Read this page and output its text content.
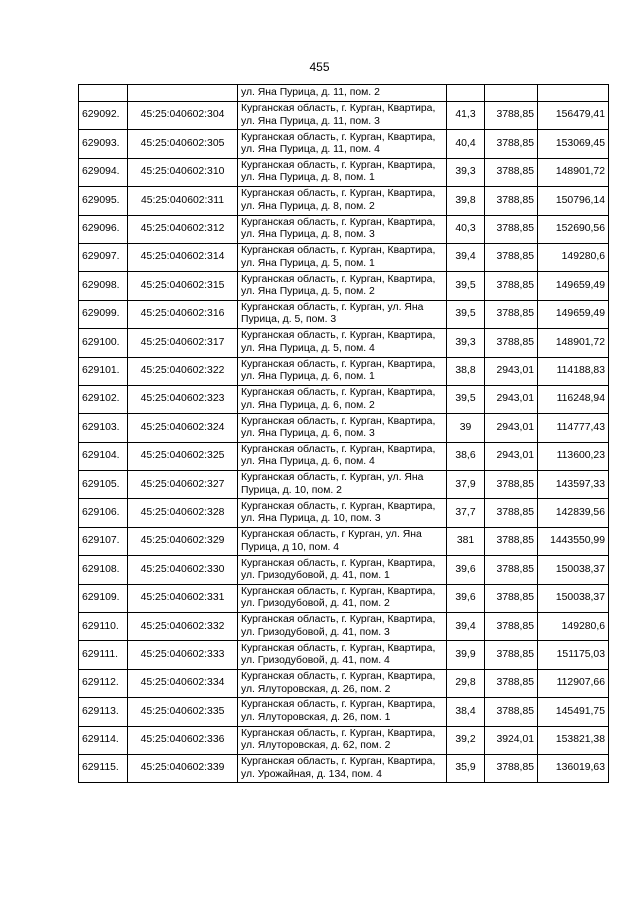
455
		ул. Яна Пурица, д. 11, пом. 2			
629092.	45:25:040602:304	Курганская область, г. Курган, Квартира, ул. Яна Пурица, д. 11, пом. 3	41,3	3788,85	156479,41
629093.	45:25:040602:305	Курганская область, г. Курган, Квартира, ул. Яна Пурица, д. 11, пом. 4	40,4	3788,85	153069,45
629094.	45:25:040602:310	Курганская область, г. Курган, Квартира, ул. Яна Пурица, д. 8, пом. 1	39,3	3788,85	148901,72
629095.	45:25:040602:311	Курганская область, г. Курган, Квартира, ул. Яна Пурица, д. 8, пом. 2	39,8	3788,85	150796,14
629096.	45:25:040602:312	Курганская область, г. Курган, Квартира, ул. Яна Пурица, д. 8, пом. 3	40,3	3788,85	152690,56
629097.	45:25:040602:314	Курганская область, г. Курган, Квартира, ул. Яна Пурица, д. 5, пом. 1	39,4	3788,85	149280,6
629098.	45:25:040602:315	Курганская область, г. Курган, Квартира, ул. Яна Пурица, д. 5, пом. 2	39,5	3788,85	149659,49
629099.	45:25:040602:316	Курганская область, г. Курган, ул. Яна Пурица, д. 5, пом. 3	39,5	3788,85	149659,49
629100.	45:25:040602:317	Курганская область, г. Курган, Квартира, ул. Яна Пурица, д. 5, пом. 4	39,3	3788,85	148901,72
629101.	45:25:040602:322	Курганская область, г. Курган, Квартира, ул. Яна Пурица, д. 6, пом. 1	38,8	2943,01	114188,83
629102.	45:25:040602:323	Курганская область, г. Курган, Квартира, ул. Яна Пурица, д. 6, пом. 2	39,5	2943,01	116248,94
629103.	45:25:040602:324	Курганская область, г. Курган, Квартира, ул. Яна Пурица, д. 6, пом. 3	39	2943,01	114777,43
629104.	45:25:040602:325	Курганская область, г. Курган, Квартира, ул. Яна Пурица, д. 6, пом. 4	38,6	2943,01	113600,23
629105.	45:25:040602:327	Курганская область, г. Курган, ул. Яна Пурица, д. 10, пом. 2	37,9	3788,85	143597,33
629106.	45:25:040602:328	Курганская область, г. Курган, Квартира, ул. Яна Пурица, д. 10, пом. 3	37,7	3788,85	142839,56
629107.	45:25:040602:329	Курганская область, г Курган, ул. Яна Пурица, д 10, пом. 4	381	3788,85	1443550,99
629108.	45:25:040602:330	Курганская область, г. Курган, Квартира, ул. Гризодубовой, д. 41, пом. 1	39,6	3788,85	150038,37
629109.	45:25:040602:331	Курганская область, г. Курган, Квартира, ул. Гризодубовой, д. 41, пом. 2	39,6	3788,85	150038,37
629110.	45:25:040602:332	Курганская область, г. Курган, Квартира, ул. Гризодубовой, д. 41, пом. 3	39,4	3788,85	149280,6
629111.	45:25:040602:333	Курганская область, г. Курган, Квартира, ул. Гризодубовой, д. 41, пом. 4	39,9	3788,85	151175,03
629112.	45:25:040602:334	Курганская область, г. Курган, Квартира, ул. Ялуторовская, д. 26, пом. 2	29,8	3788,85	112907,66
629113.	45:25:040602:335	Курганская область, г. Курган, Квартира, ул. Ялуторовская, д. 26, пом. 1	38,4	3788,85	145491,75
629114.	45:25:040602:336	Курганская область, г. Курган, Квартира, ул. Ялуторовская, д. 62, пом. 2	39,2	3924,01	153821,38
629115.	45:25:040602:339	Курганская область, г. Курган, Квартира, ул. Урожайная, д. 134, пом. 4	35,9	3788,85	136019,63
